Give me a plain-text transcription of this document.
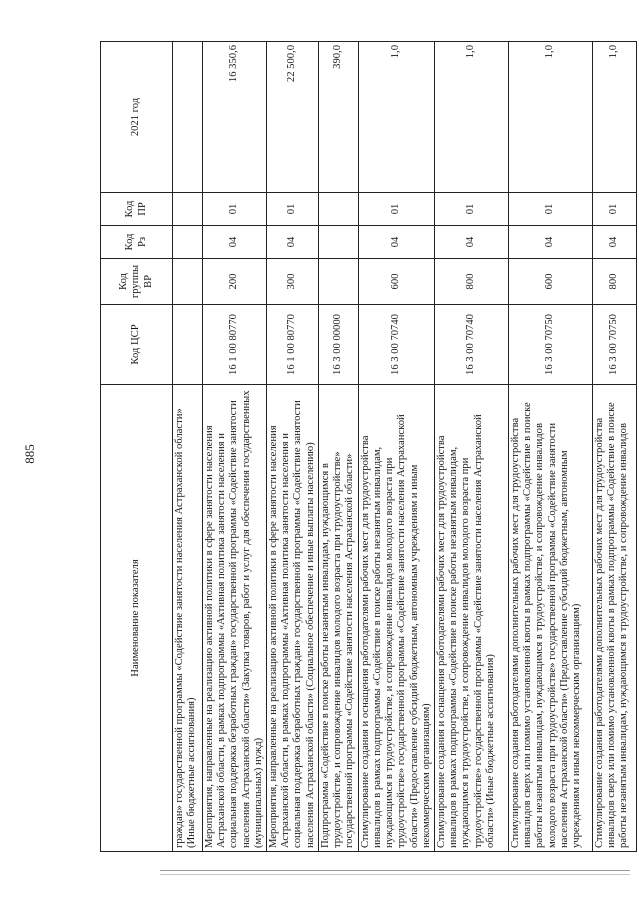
885
Наименование показателя	Код ЦСР	Код группы ВР	Код Рз	Код ПР	2021 год
граждан» государственной программы «Содействие занятости населения Астраханской области» (Иные бюджетные ассигнования)					
Мероприятия, направленные на реализацию активной политики в сфере занятости населения Астраханской области, в рамках подпрограммы «Активная политика занятости населения и социальная поддержка безработных граждан» государственной программы «Содействие занятости населения Астраханской области» (Закупка товаров, работ и услуг для обеспечения государственных (муниципальных) нужд)	16 1 00 80770	200	04	01	16 350,6
Мероприятия, направленные на реализацию активной политики в сфере занятости населения Астраханской области, в рамках подпрограммы «Активная политика занятости населения и социальная поддержка безработных граждан» государственной программы «Содействие занятости населения Астраханской области» (Социальное обеспечение и иные выплаты населению)	16 1 00 80770	300	04	01	22 500,0
Подпрограмма «Содействие в поиске работы незанятым инвалидам, нуждающимся в трудоустройстве, и сопровождение инвалидов молодого возраста при трудоустройстве» государственной программы «Содействие занятости населения Астраханской области»	16 3 00 00000				390,0
Стимулирование создания и оснащения работодателями рабочих мест для трудоустройства инвалидов в рамках подпрограммы «Содействие в поиске работы незанятым инвалидам, нуждающимся в трудоустройстве, и сопровождение инвалидов молодого возраста при трудоустройстве» государственной программы «Содействие занятости населения Астраханской области» (Предоставление субсидий бюджетным, автономным учреждениям и иным некоммерческим организациям)	16 3 00 70740	600	04	01	1,0
Стимулирование создания и оснащения работодателями рабочих мест для трудоустройства инвалидов в рамках подпрограммы «Содействие в поиске работы незанятым инвалидам, нуждающимся в трудоустройстве, и сопровождение инвалидов молодого возраста при трудоустройстве» государственной программы «Содействие занятости населения Астраханской области» (Иные бюджетные ассигнования)	16 3 00 70740	800	04	01	1,0
Стимулирование создания работодателями дополнительных рабочих мест для трудоустройства инвалидов сверх или помимо установленной квоты в рамках подпрограммы «Содействие в поиске работы незанятым инвалидам, нуждающимся в трудоустройстве, и сопровождение инвалидов молодого возраста при трудоустройстве» государственной программы «Содействие занятости населения Астраханской области» (Предоставление субсидий бюджетным, автономным учреждениям и иным некоммерческим организациям)	16 3 00 70750	600	04	01	1,0
Стимулирование создания работодателями дополнительных рабочих мест для трудоустройства инвалидов сверх или помимо установленной квоты в рамках подпрограммы «Содействие в поиске работы незанятым инвалидам, нуждающимся в трудоустройстве, и сопровождение инвалидов	16 3 00 70750	800	04	01	1,0
